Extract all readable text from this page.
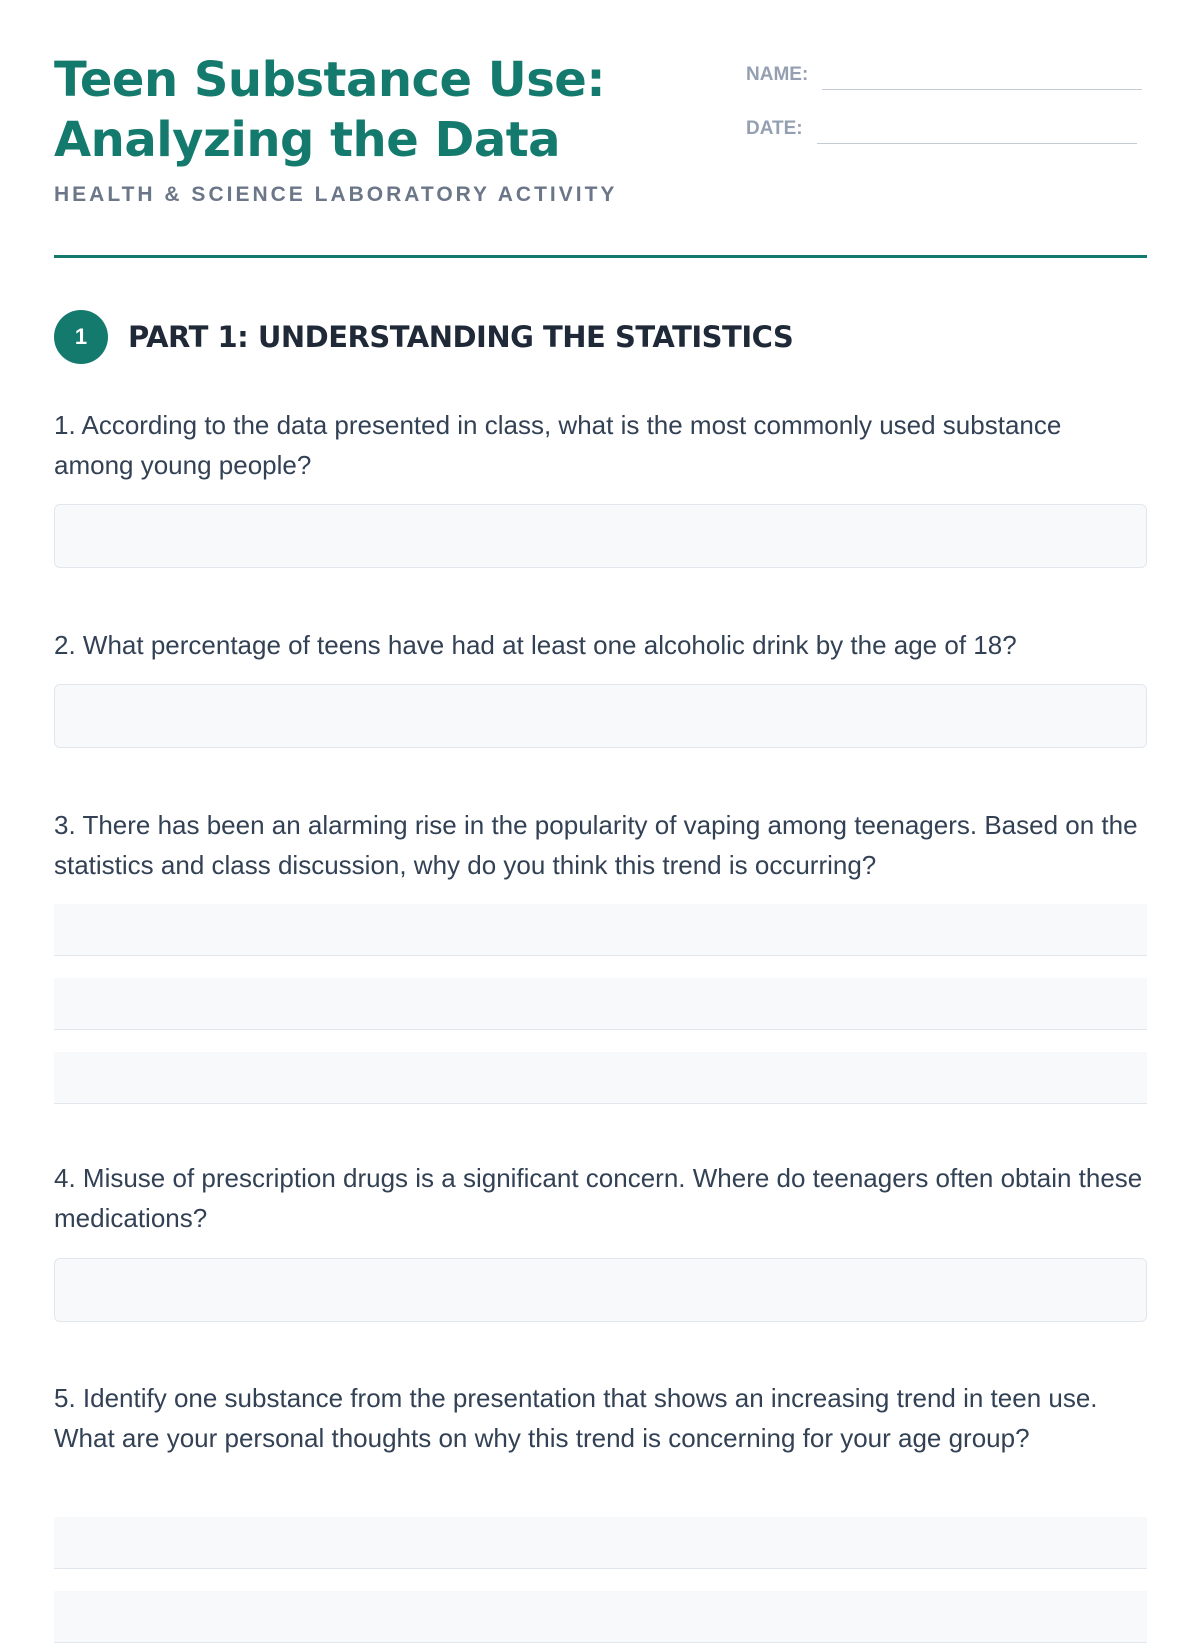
Teen Substance Use:
Analyzing the Data
HEALTH & SCIENCE LABORATORY ACTIVITY
NAME:
DATE:
1	PART 1: UNDERSTANDING THE STATISTICS
1. According to the data presented in class, what is the most commonly used substance among young people?
2. What percentage of teens have had at least one alcoholic drink by the age of 18?
3. There has been an alarming rise in the popularity of vaping among teenagers. Based on the statistics and class discussion, why do you think this trend is occurring?
4. Misuse of prescription drugs is a significant concern. Where do teenagers often obtain these medications?
5. Identify one substance from the presentation that shows an increasing trend in teen use. What are your personal thoughts on why this trend is concerning for your age group?
